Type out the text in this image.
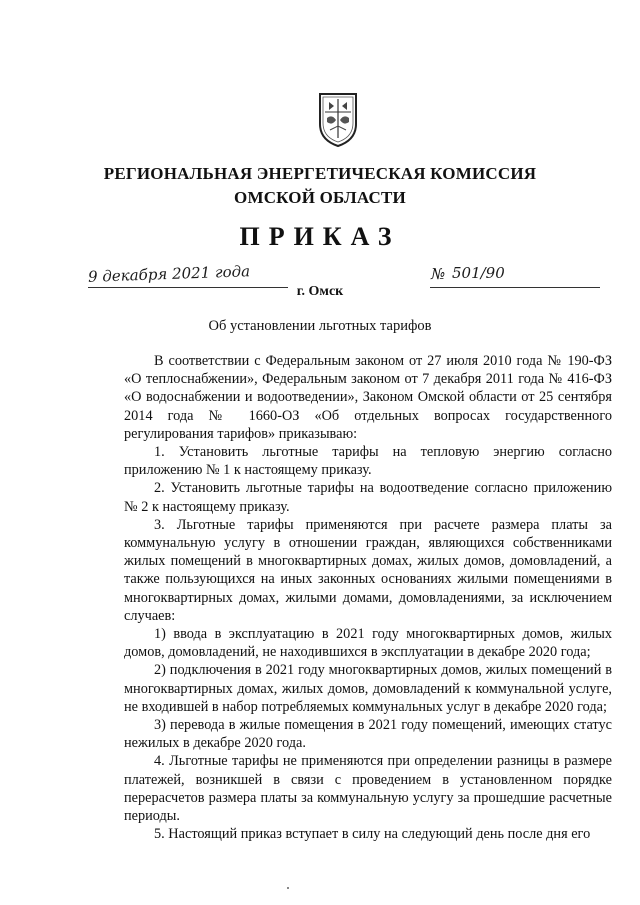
РЕГИОНАЛЬНАЯ ЭНЕРГЕТИЧЕСКАЯ КОМИССИЯ
ОМСКОЙ ОБЛАСТИ
ПРИКАЗ
9 декабря 2021 года	№ 501/90
г. Омск
Об установлении льготных тарифов

В соответствии с Федеральным законом от 27 июля 2010 года № 190-ФЗ «О теплоснабжении», Федеральным законом от 7 декабря 2011 года № 416-ФЗ «О водоснабжении и водоотведении», Законом Омской области от 25 сентября 2014 года № 1660-ОЗ «Об отдельных вопросах государственного регулирования тарифов» приказываю:

1. Установить льготные тарифы на тепловую энергию согласно приложению № 1 к настоящему приказу.

2. Установить льготные тарифы на водоотведение согласно приложению № 2 к настоящему приказу.

3. Льготные тарифы применяются при расчете размера платы за коммунальную услугу в отношении граждан, являющихся собственниками жилых помещений в многоквартирных домах, жилых домов, домовладений, а также пользующихся на иных законных основаниях жилыми помещениями в многоквартирных домах, жилыми домами, домовладениями, за исключением случаев:

1) ввода в эксплуатацию в 2021 году многоквартирных домов, жилых домов, домовладений, не находившихся в эксплуатации в декабре 2020 года;

2) подключения в 2021 году многоквартирных домов, жилых помещений в многоквартирных домах, жилых домов, домовладений к коммунальной услуге, не входившей в набор потребляемых коммунальных услуг в декабре 2020 года;

3) перевода в жилые помещения в 2021 году помещений, имеющих статус нежилых в декабре 2020 года.

4. Льготные тарифы не применяются при определении разницы в размере платежей, возникшей в связи с проведением в установленном порядке перерасчетов размера платы за коммунальную услугу за прошедшие расчетные периоды.

5. Настоящий приказ вступает в силу на следующий день после дня его
